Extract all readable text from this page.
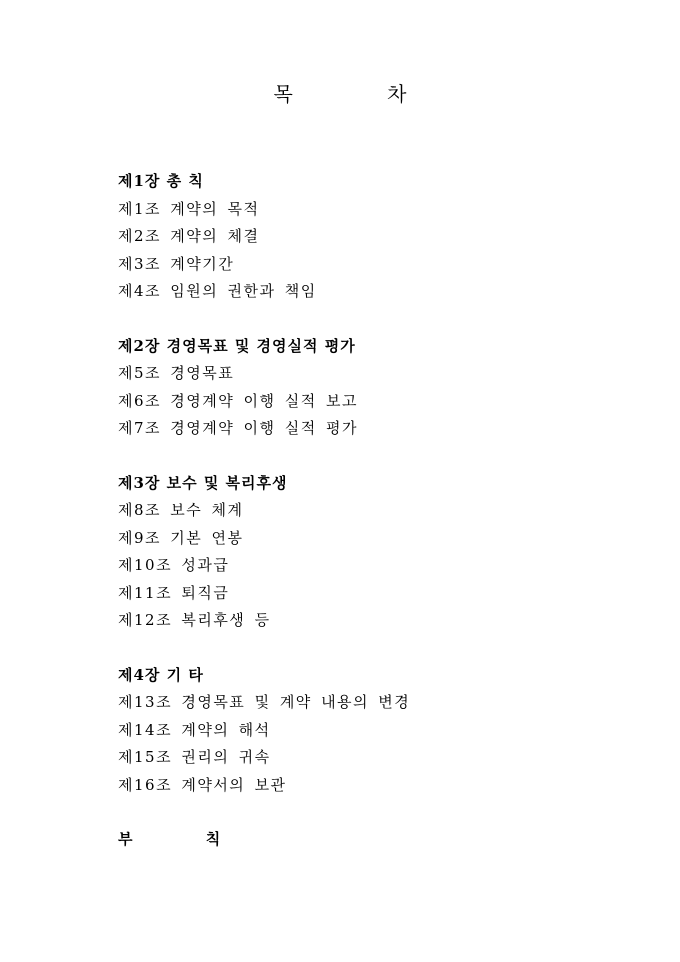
목 차
제1장 총 칙
제1조 계약의 목적
제2조 계약의 체결
제3조 계약기간
제4조 임원의 권한과 책임
제2장 경영목표 및 경영실적 평가
제5조 경영목표
제6조 경영계약 이행 실적 보고
제7조 경영계약 이행 실적 평가
제3장 보수 및 복리후생
제8조 보수 체계
제9조 기본 연봉
제10조 성과급
제11조 퇴직금
제12조 복리후생 등
제4장 기 타
제13조 경영목표 및 계약 내용의 변경
제14조 계약의 해석
제15조 권리의 귀속
제16조 계약서의 보관
부 칙
